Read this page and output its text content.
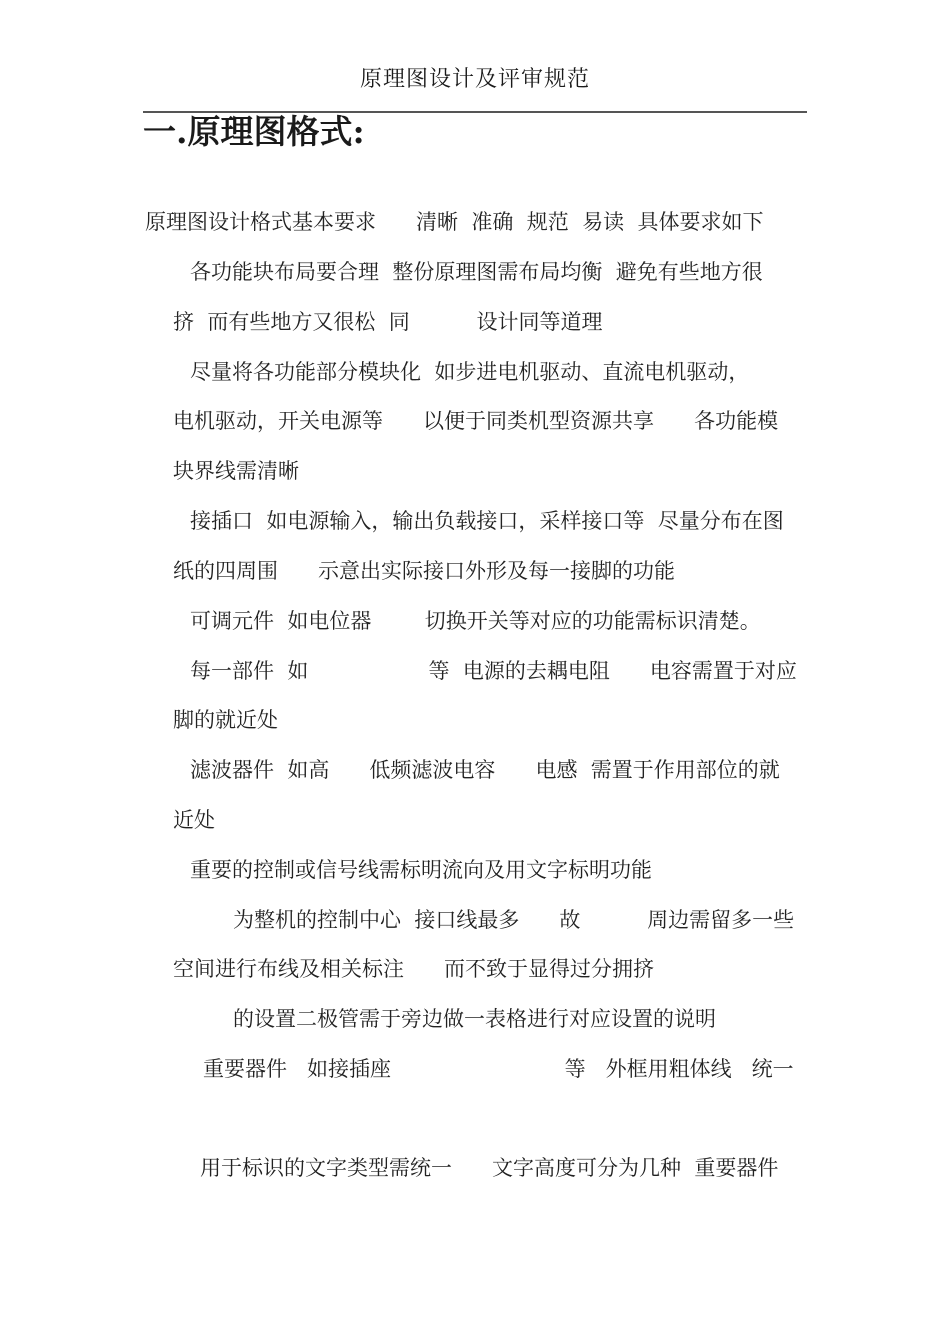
原理图设计及评审规范
一.原理图格式:
原理图设计格式基本要求      清晰  准确  规范  易读  具体要求如下
各功能块布局要合理  整份原理图需布局均衡  避免有些地方很
挤  而有些地方又很松  同          设计同等道理
尽量将各功能部分模块化  如步进电机驱动、直流电机驱动，
电机驱动，开关电源等      以便于同类机型资源共享      各功能模
块界线需清晰
接插口  如电源输入，输出负载接口，采样接口等  尽量分布在图
纸的四周围      示意出实际接口外形及每一接脚的功能
可调元件  如电位器        切换开关等对应的功能需标识清楚。
每一部件  如                  等  电源的去耦电阻      电容需置于对应
脚的就近处
滤波器件  如高      低频滤波电容      电感  需置于作用部位的就
近处
重要的控制或信号线需标明流向及用文字标明功能
为整机的控制中心  接口线最多      故          周边需留多一些
空间进行布线及相关标注      而不致于显得过分拥挤
的设置二极管需于旁边做一表格进行对应设置的说明
重要器件   如接插座                          等   外框用粗体线   统一
用于标识的文字类型需统一      文字高度可分为几种  重要器件
